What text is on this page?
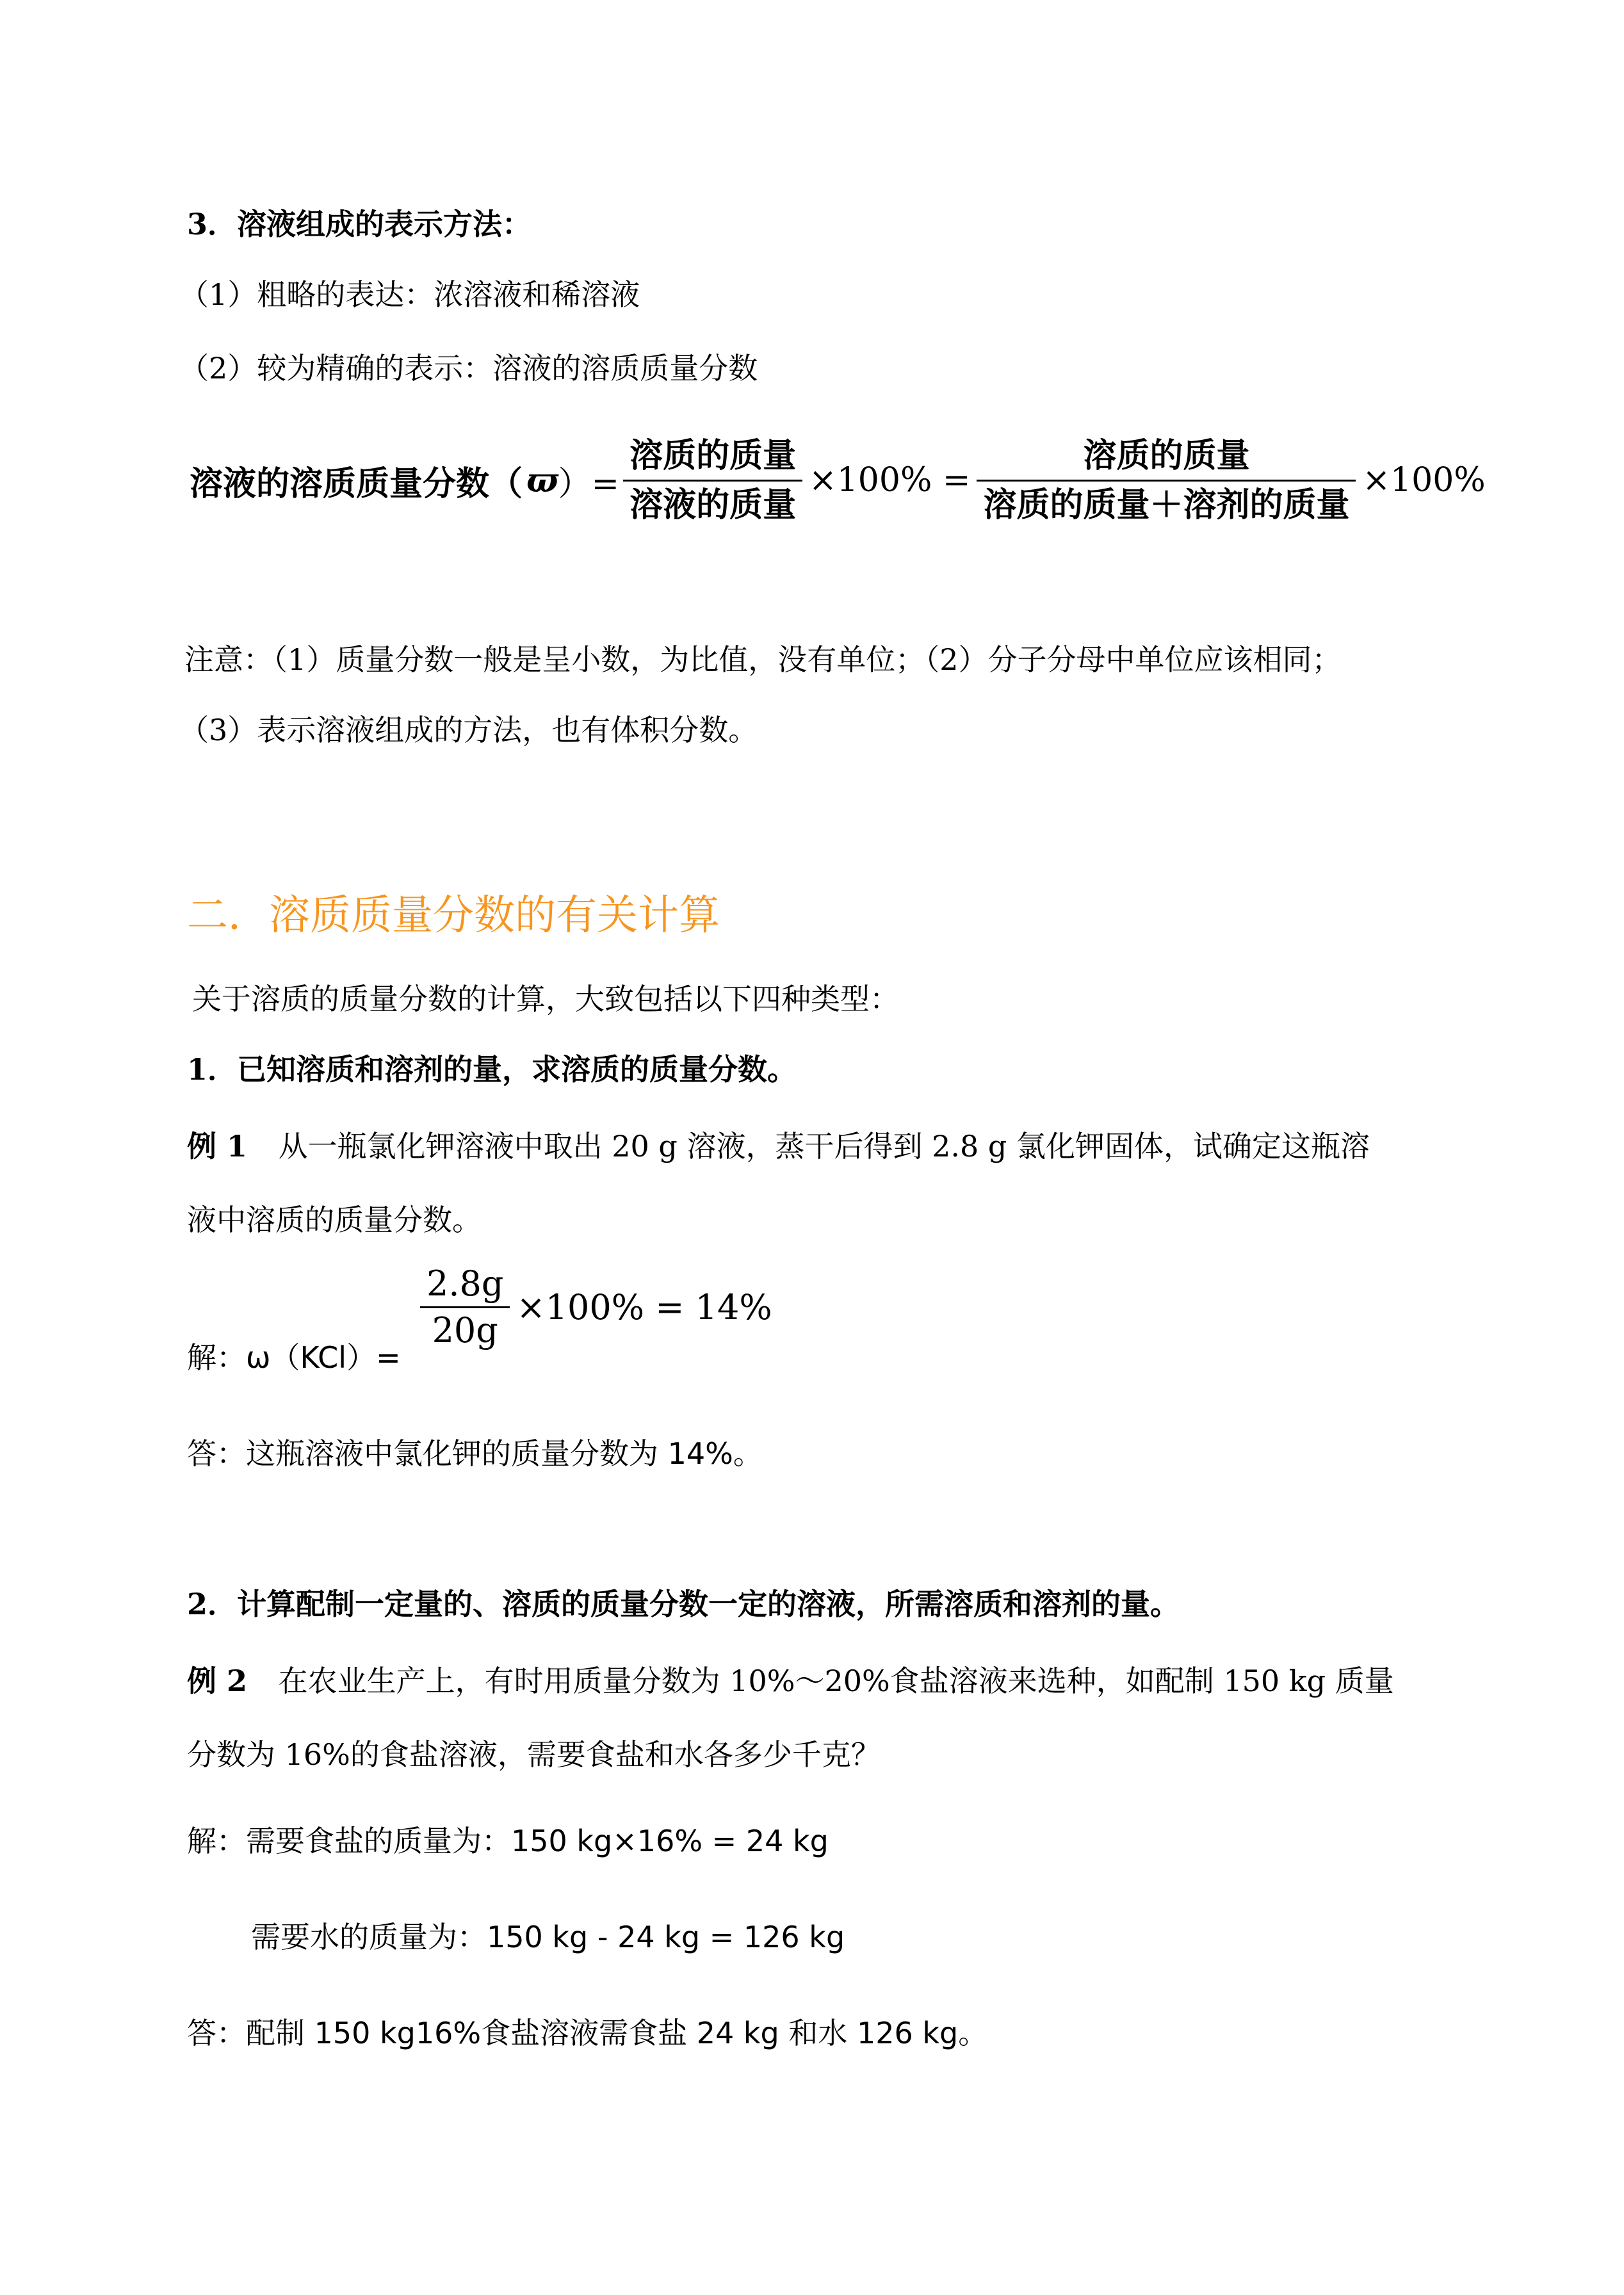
3．溶液组成的表示方法：
（1）粗略的表达：浓溶液和稀溶液
（2）较为精确的表示：溶液的溶质质量分数
溶液的溶质质量分数（ ϖ ）= $\frac{\text{溶质的质量}}{\text{溶液的质量}} \times 100\% = \frac{\text{溶质的质量}}{\text{溶质的质量＋溶剂的质量}} \times 100\%$
注意：（1）质量分数一般是呈小数，为比值，没有单位；（2）分子分母中单位应该相同；
（3）表示溶液组成的方法，也有体积分数。
二．溶质质量分数的有关计算
关于溶质的质量分数的计算，大致包括以下四种类型：
1．已知溶质和溶剂的量，求溶质的质量分数。
例 1 从一瓶氯化钾溶液中取出 20 g 溶液，蒸干后得到 2.8 g 氯化钾固体，试确定这瓶溶
液中溶质的质量分数。
$\frac{2.8g}{20g} \times 100\% = 14\%$
解：ω（KCl）=
答：这瓶溶液中氯化钾的质量分数为 14%。
2．计算配制一定量的、溶质的质量分数一定的溶液，所需溶质和溶剂的量。
例 2 在农业生产上，有时用质量分数为 10%～20%食盐溶液来选种，如配制 150 kg 质量
分数为 16%的食盐溶液，需要食盐和水各多少千克？
解：需要食盐的质量为：150 kg×16% = 24 kg
需要水的质量为：150 kg - 24 kg = 126 kg
答：配制 150 kg16%食盐溶液需食盐 24 kg 和水 126 kg。
